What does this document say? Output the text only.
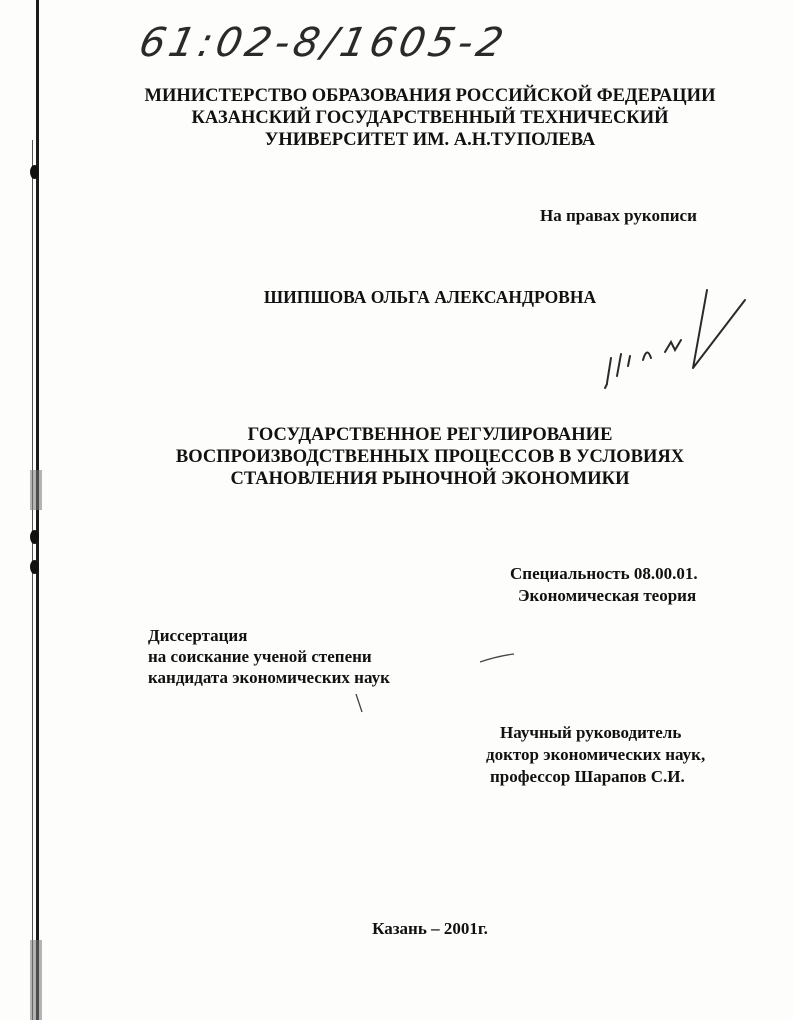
61:02-8/1605-2
МИНИСТЕРСТВО ОБРАЗОВАНИЯ РОССИЙСКОЙ ФЕДЕРАЦИИ
КАЗАНСКИЙ ГОСУДАРСТВЕННЫЙ ТЕХНИЧЕСКИЙ
УНИВЕРСИТЕТ ИМ. А.Н.ТУПОЛЕВА
На правах рукописи
ШИПШОВА ОЛЬГА АЛЕКСАНДРОВНА
ГОСУДАРСТВЕННОЕ РЕГУЛИРОВАНИЕ
ВОСПРОИЗВОДСТВЕННЫХ ПРОЦЕССОВ В УСЛОВИЯХ
СТАНОВЛЕНИЯ РЫНОЧНОЙ ЭКОНОМИКИ
Специальность 08.00.01.
Экономическая теория
Диссертация
на соискание ученой степени
кандидата экономических наук
Научный руководитель
доктор экономических наук,
профессор Шарапов С.И.
Казань – 2001г.
